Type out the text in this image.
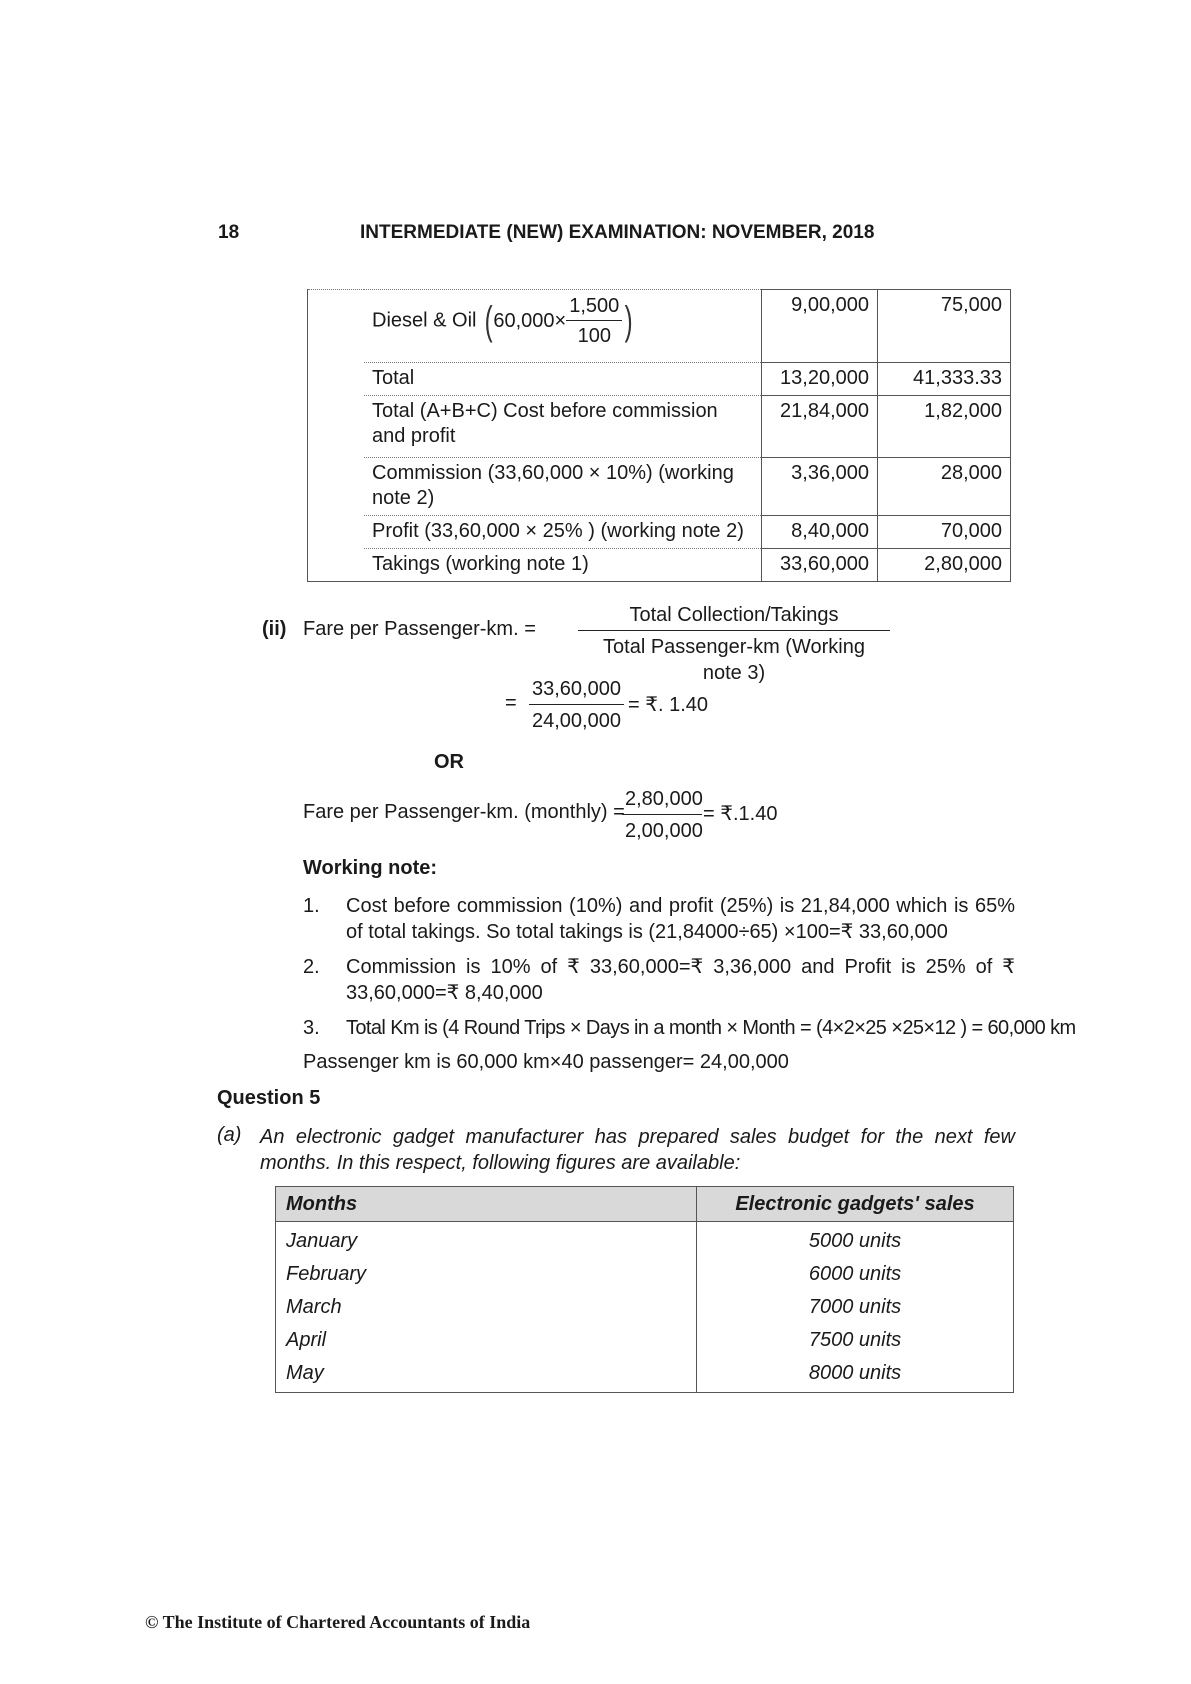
18	INTERMEDIATE (NEW) EXAMINATION: NOVEMBER, 2018
	Diesel & Oil ($60,000\times \frac{1,500}{100}$ )	9,00,000	75,000
	Total	13,20,000	41,333.33
	Total (A+B+C) Cost before commission and profit	21,84,000	1,82,000
	Commission (33,60,000 × 10%) (working note 2)	3,36,000	28,000
	Profit (33,60,000 × 25% ) (working note 2)	8,40,000	70,000
	Takings (working note 1)	33,60,000	2,80,000
(ii) Fare per Passenger-km. =
Total Collection/Takings
Total Passenger-km (Working note 3)
= $\frac{33,60,000}{24,00,000}$ = ₹. 1.40
OR
Fare per Passenger-km. (monthly) =
$\frac{2,80,000}{2,00,000}$ = ₹.1.40
Working note:
1. Cost before commission (10%) and profit (25%) is 21,84,000 which is 65% of total takings. So total takings is (21,84000÷65) ×100=₹ 33,60,000
2. Commission is 10% of ₹ 33,60,000=₹ 3,36,000 and Profit is 25% of ₹ 33,60,000=₹ 8,40,000
3. Total Km is (4 Round Trips × Days in a month × Month = (4×2×25 ×25×12 ) = 60,000 km
Passenger km is 60,000 km×40 passenger= 24,00,000
Question 5
(a) An electronic gadget manufacturer has prepared sales budget for the next few months. In this respect, following figures are available:
Months	Electronic gadgets' sales
January	5000 units
February	6000 units
March	7000 units
April	7500 units
May	8000 units
© The Institute of Chartered Accountants of India
